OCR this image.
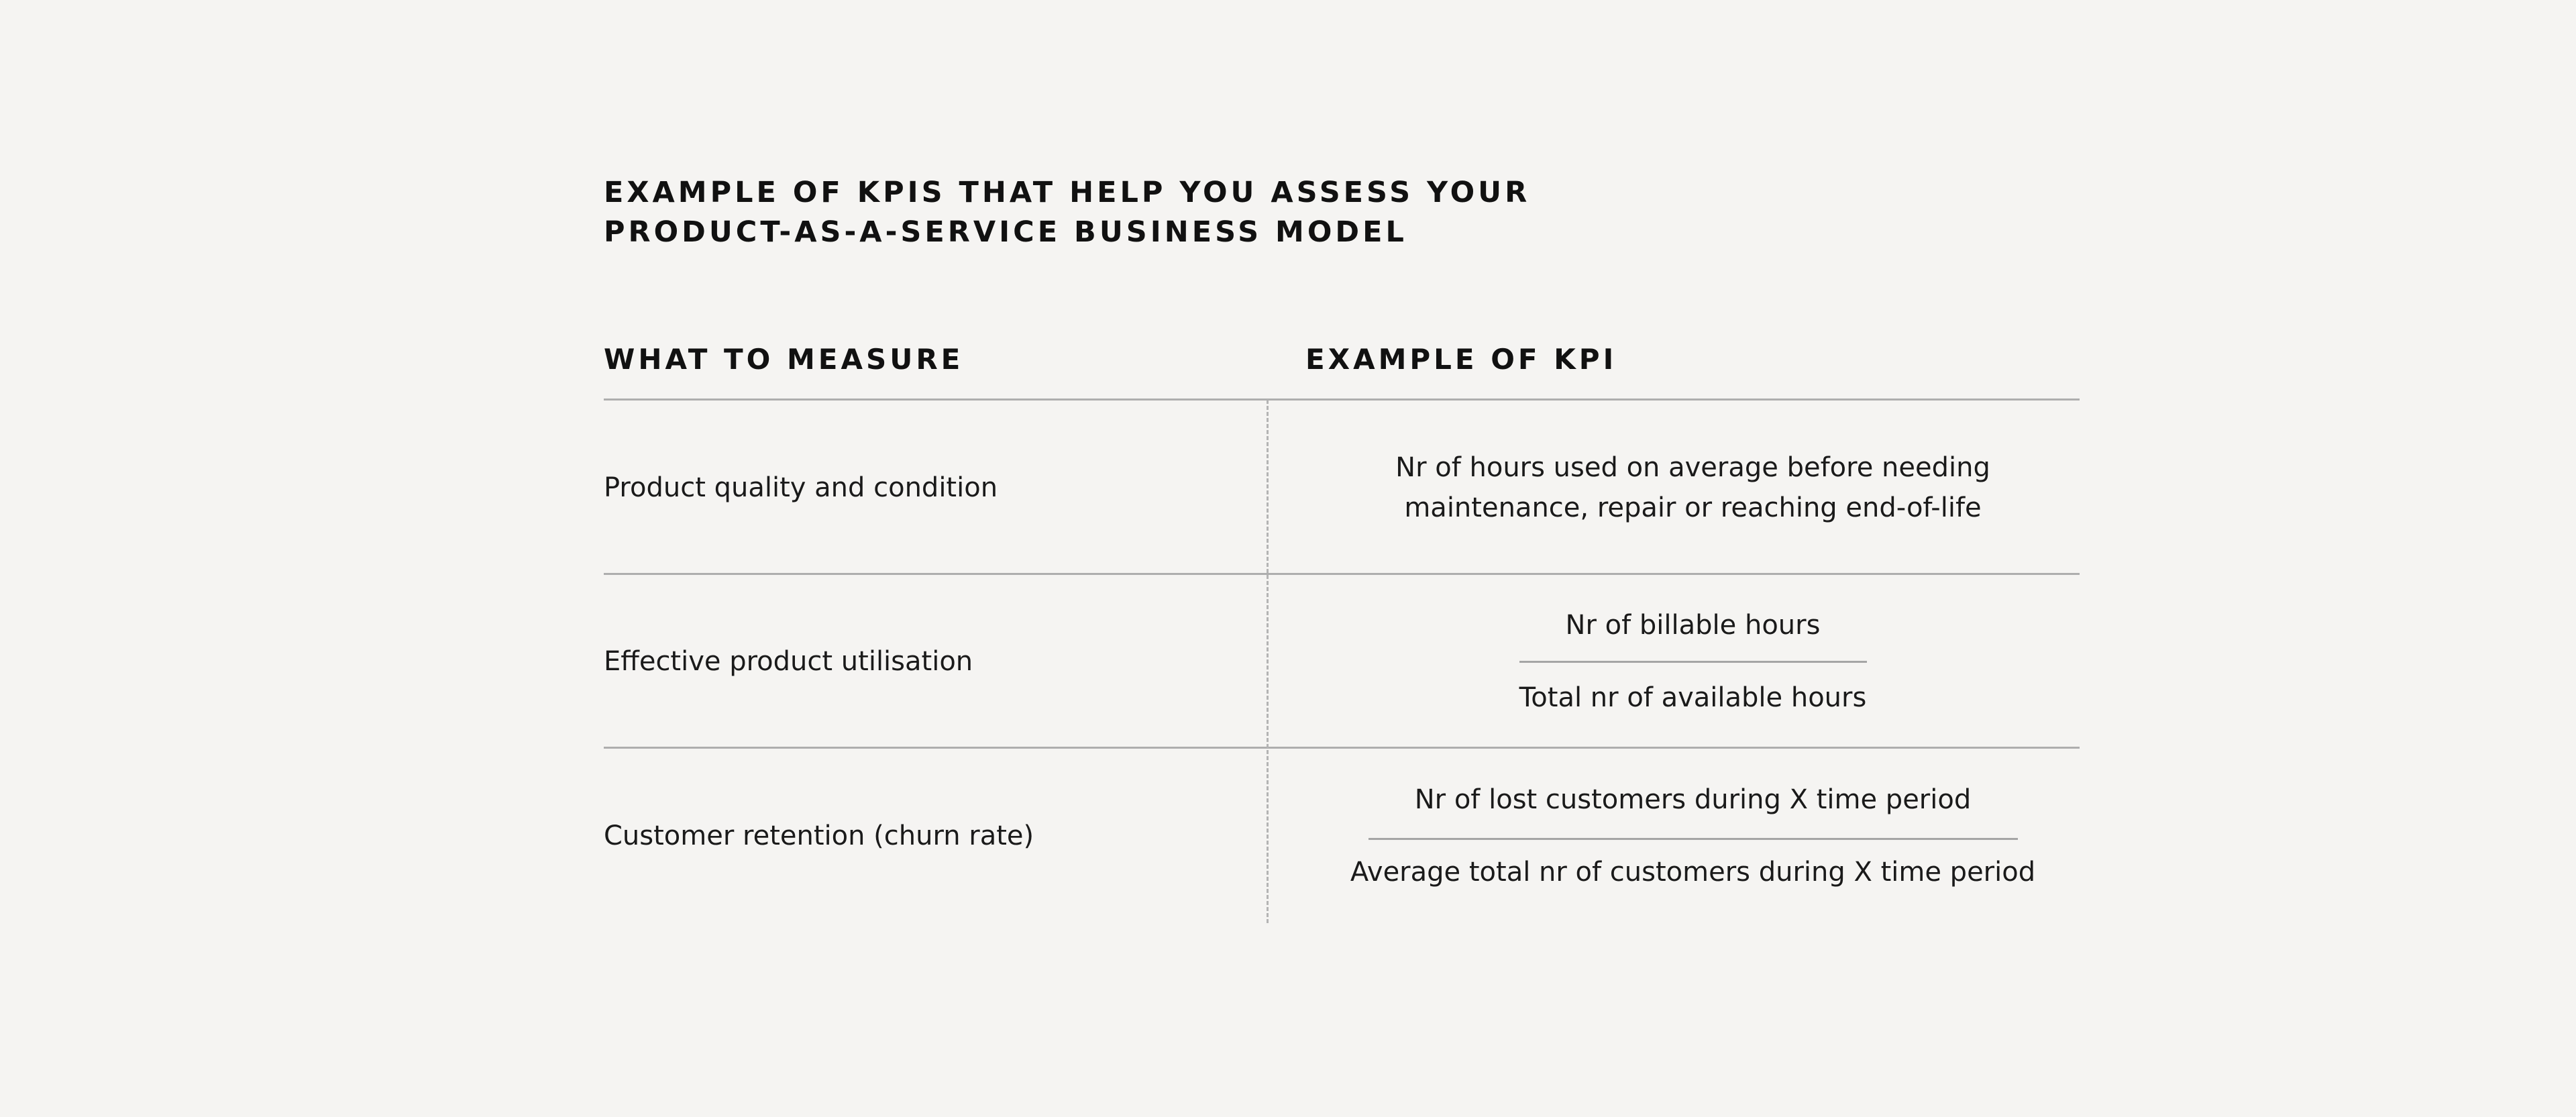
EXAMPLE OF KPIS THAT HELP YOU ASSESS YOUR
PRODUCT-AS-A-SERVICE BUSINESS MODEL
WHAT TO MEASURE	EXAMPLE OF KPI
Product quality and condition
Nr of hours used on average before needing
maintenance, repair or reaching end-of-life
Effective product utilisation
Nr of billable hours
Total nr of available hours
Customer retention (churn rate)
Nr of lost customers during X time period
Average total nr of customers during X time period
